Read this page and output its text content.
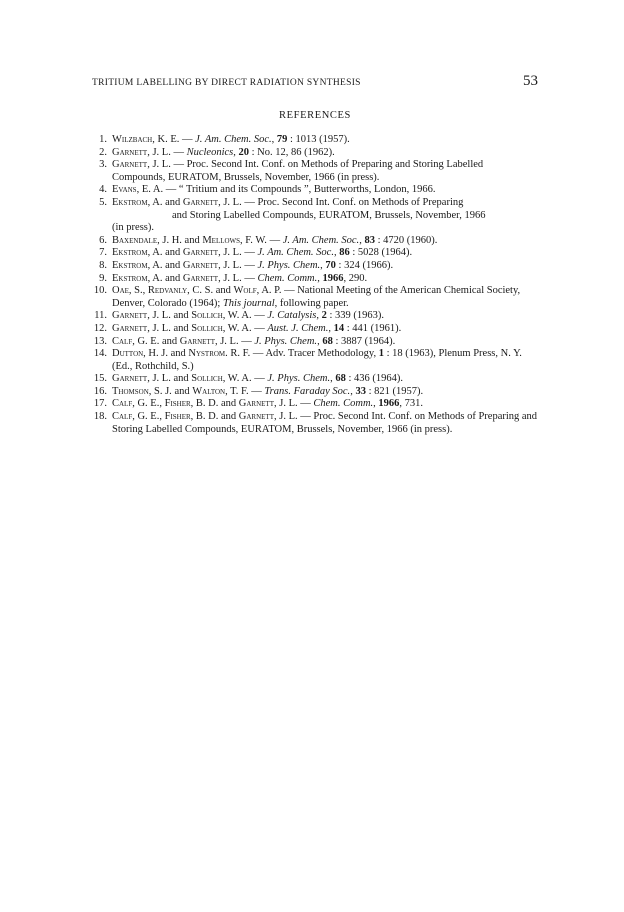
TRITIUM LABELLING BY DIRECT RADIATION SYNTHESIS	53
REFERENCES
1. Wilzbach, K. E. — J. Am. Chem. Soc., 79 : 1013 (1957).
2. Garnett, J. L. — Nucleonics, 20 : No. 12, 86 (1962).
3. Garnett, J. L. — Proc. Second Int. Conf. on Methods of Preparing and Storing Labelled Compounds, EURATOM, Brussels, November, 1966 (in press).
4. Evans, E. A. — “ Tritium and its Compounds ”, Butterworths, London, 1966.
5. Ekstrom, A. and Garnett, J. L. — Proc. Second Int. Conf. on Methods of Preparing
and Storing Labelled Compounds, EURATOM, Brussels, November, 1966
(in press).
6. Baxendale, J. H. and Mellows, F. W. — J. Am. Chem. Soc., 83 : 4720 (1960).
7. Ekstrom, A. and Garnett, J. L. — J. Am. Chem. Soc., 86 : 5028 (1964).
8. Ekstrom, A. and Garnett, J. L. — J. Phys. Chem., 70 : 324 (1966).
9. Ekstrom, A. and Garnett, J. L. — Chem. Comm., 1966, 290.
10. Oae, S., Redvanly, C. S. and Wolf, A. P. — National Meeting of the American Chemical Society, Denver, Colorado (1964); This journal, following paper.
11. Garnett, J. L. and Sollich, W. A. — J. Catalysis, 2 : 339 (1963).
12. Garnett, J. L. and Sollich, W. A. — Aust. J. Chem., 14 : 441 (1961).
13. Calf, G. E. and Garnett, J. L. — J. Phys. Chem., 68 : 3887 (1964).
14. Dutton, H. J. and Nystrom. R. F. — Adv. Tracer Methodology, 1 : 18 (1963), Plenum Press, N. Y. (Ed., Rothchild, S.)
15. Garnett, J. L. and Sollich, W. A. — J. Phys. Chem., 68 : 436 (1964).
16. Thomson, S. J. and Walton, T. F. — Trans. Faraday Soc., 33 : 821 (1957).
17. Calf, G. E., Fisher, B. D. and Garnett, J. L. — Chem. Comm., 1966, 731.
18. Calf, G. E., Fisher, B. D. and Garnett, J. L. — Proc. Second Int. Conf. on Methods of Preparing and Storing Labelled Compounds, EURATOM, Brussels, November, 1966 (in press).
